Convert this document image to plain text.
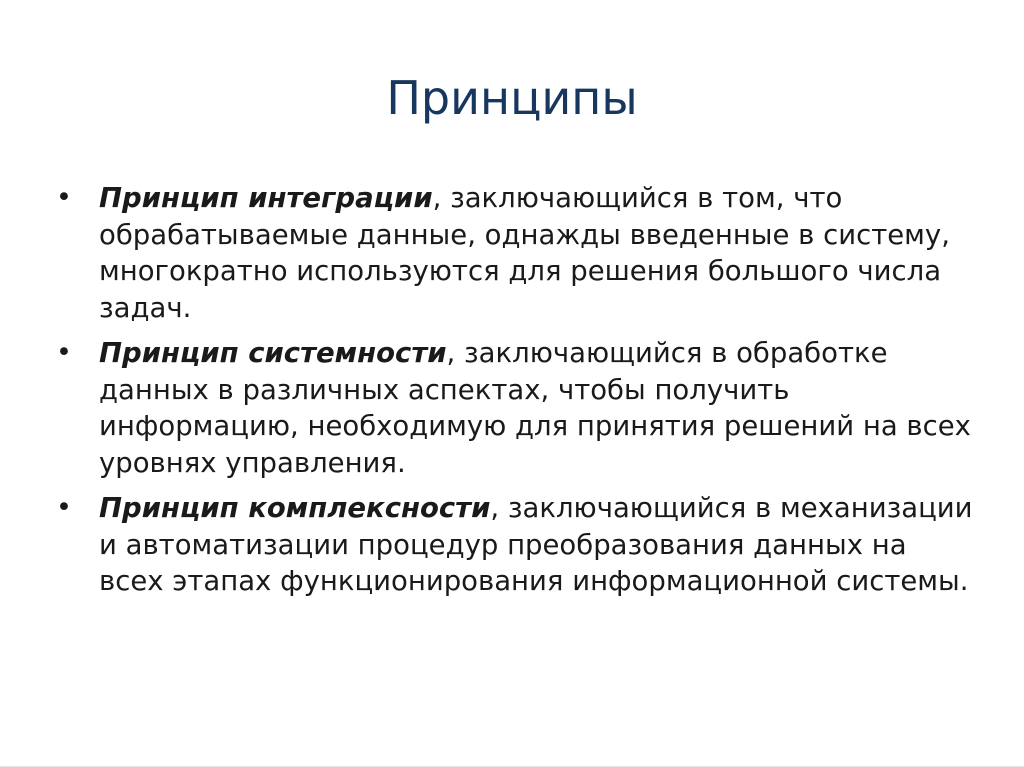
Принципы
• Принцип интеграции, заключающийся в том, что обрабатываемые данные, однажды введенные в систему, многократно используются для решения большого числа задач.
• Принцип системности, заключающийся в обработке данных в различных аспектах, чтобы получить информацию, необходимую для принятия решений на всех уровнях управления.
• Принцип комплексности, заключающийся в механизации и автоматизации процедур преобразования данных на всех этапах функционирования информационной системы.
